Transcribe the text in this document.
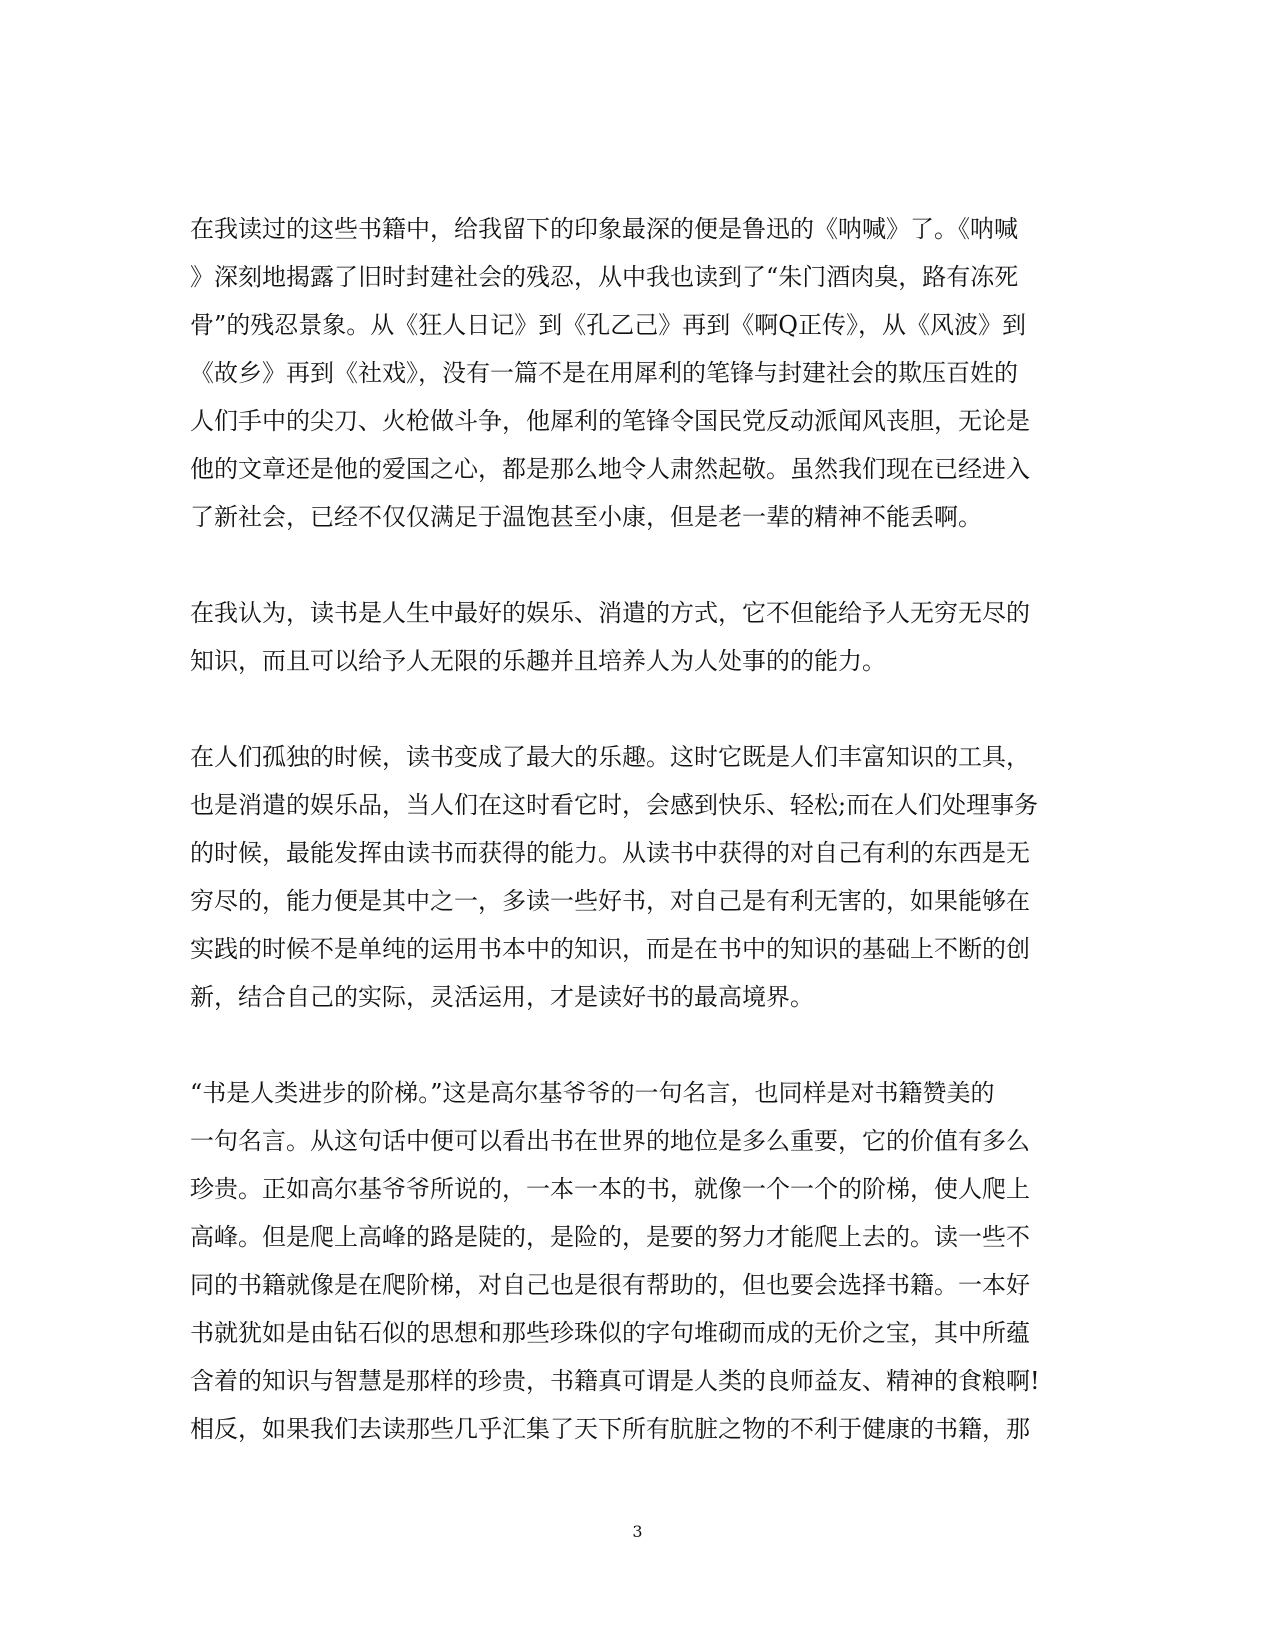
在我读过的这些书籍中，给我留下的印象最深的便是鲁迅的《呐喊》了。《呐喊
》深刻地揭露了旧时封建社会的残忍，从中我也读到了“朱门酒肉臭，路有冻死
骨”的残忍景象。从《狂人日记》到《孔乙己》再到《啊Q正传》，从《风波》到
《故乡》再到《社戏》，没有一篇不是在用犀利的笔锋与封建社会的欺压百姓的
人们手中的尖刀、火枪做斗争，他犀利的笔锋令国民党反动派闻风丧胆，无论是
他的文章还是他的爱国之心，都是那么地令人肃然起敬。虽然我们现在已经进入
了新社会，已经不仅仅满足于温饱甚至小康，但是老一辈的精神不能丢啊。

在我认为，读书是人生中最好的娱乐、消遣的方式，它不但能给予人无穷无尽的
知识，而且可以给予人无限的乐趣并且培养人为人处事的的能力。

在人们孤独的时候，读书变成了最大的乐趣。这时它既是人们丰富知识的工具，
也是消遣的娱乐品，当人们在这时看它时，会感到快乐、轻松;而在人们处理事务
的时候，最能发挥由读书而获得的能力。从读书中获得的对自己有利的东西是无
穷尽的，能力便是其中之一，多读一些好书，对自己是有利无害的，如果能够在
实践的时候不是单纯的运用书本中的知识，而是在书中的知识的基础上不断的创
新，结合自己的实际，灵活运用，才是读好书的最高境界。

“书是人类进步的阶梯。”这是高尔基爷爷的一句名言，也同样是对书籍赞美的
一句名言。从这句话中便可以看出书在世界的地位是多么重要，它的价值有多么
珍贵。正如高尔基爷爷所说的，一本一本的书，就像一个一个的阶梯，使人爬上
高峰。但是爬上高峰的路是陡的，是险的，是要的努力才能爬上去的。读一些不
同的书籍就像是在爬阶梯，对自己也是很有帮助的，但也要会选择书籍。一本好
书就犹如是由钻石似的思想和那些珍珠似的字句堆砌而成的无价之宝，其中所蕴
含着的知识与智慧是那样的珍贵，书籍真可谓是人类的良师益友、精神的食粮啊!
相反，如果我们去读那些几乎汇集了天下所有肮脏之物的不利于健康的书籍，那

3
